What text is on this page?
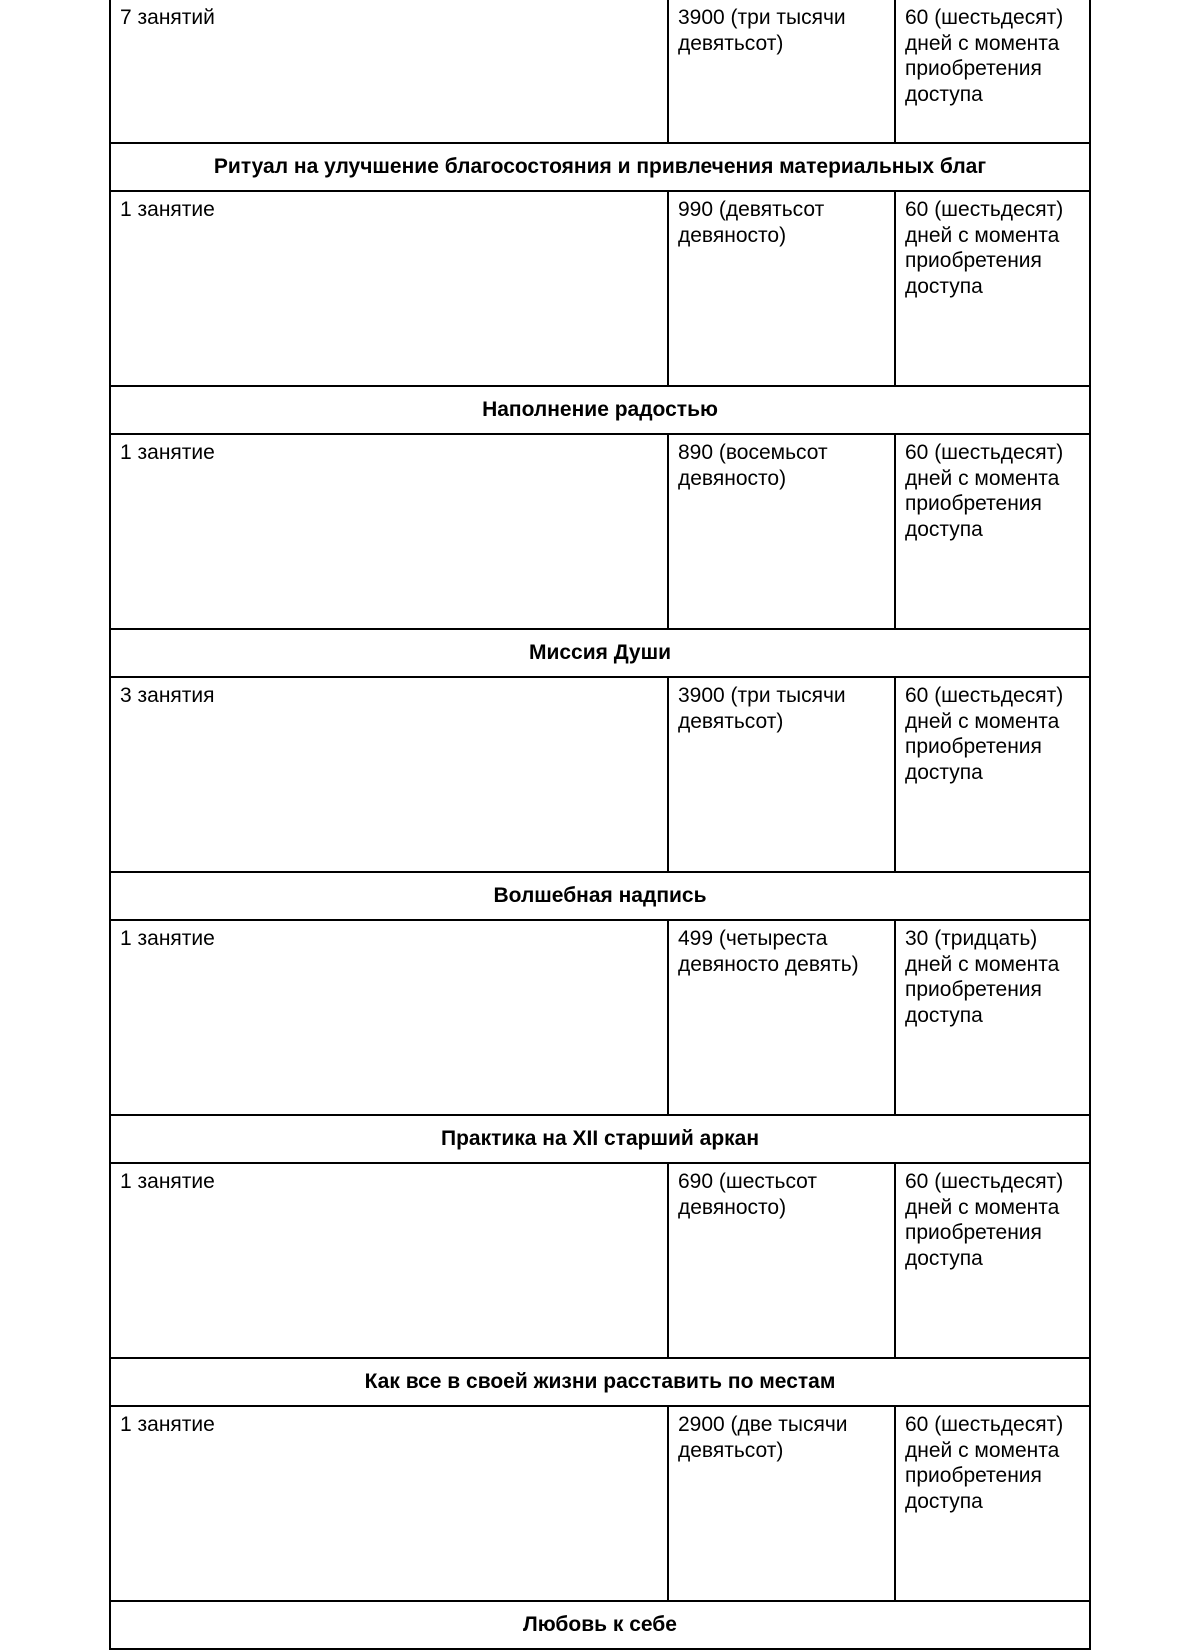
7 занятий	3900 (три тысячи девятьсот)	60 (шестьдесят) дней с момента приобретения доступа
Ритуал на улучшение благосостояния и привлечения материальных благ		
1 занятие	990 (девятьсот девяносто)	60 (шестьдесят) дней с момента приобретения доступа
Наполнение радостью		
1 занятие	890 (восемьсот девяносто)	60 (шестьдесят) дней с момента приобретения доступа
Миссия Души		
3 занятия	3900 (три тысячи девятьсот)	60 (шестьдесят) дней с момента приобретения доступа
Волшебная надпись		
1 занятие	499 (четыреста девяносто девять)	30 (тридцать) дней с момента приобретения доступа
Практика на XII старший аркан		
1 занятие	690 (шестьсот девяносто)	60 (шестьдесят) дней с момента приобретения доступа
Как все в своей жизни расставить по местам		
1 занятие	2900 (две тысячи девятьсот)	60 (шестьдесят) дней с момента приобретения доступа
Любовь к себе		
